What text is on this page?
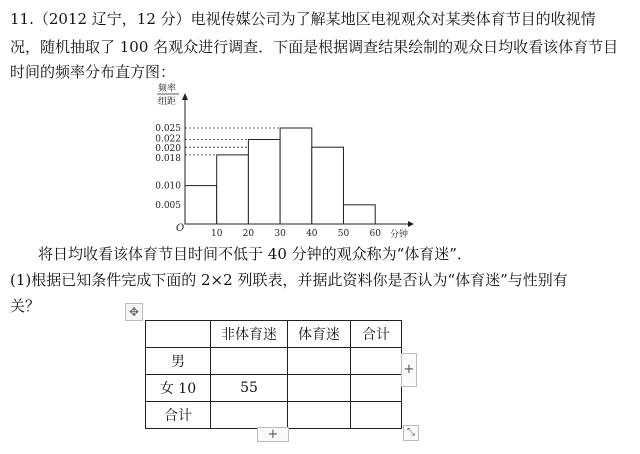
11.（2012 辽宁，12 分）电视传媒公司为了解某地区电视观众对某类体育节目的收视情
况，随机抽取了 100 名观众进行调查．下面是根据调查结果绘制的观众日均收看该体育节目
时间的频率分布直方图：
0.025
0.022
0.020
0.018
0.010
0.005
10 20 30 40 50 60
O
频率
组距
分钟
将日均收看该体育节目时间不低于 40 分钟的观众称为“体育迷”．
(1)根据已知条件完成下面的 2×2 列联表，并据此资料你是否认为“体育迷”与性别有
关？	✥
	非体育迷	体育迷	合计
男			
女 10	55		
合计			
+
+	⤡
